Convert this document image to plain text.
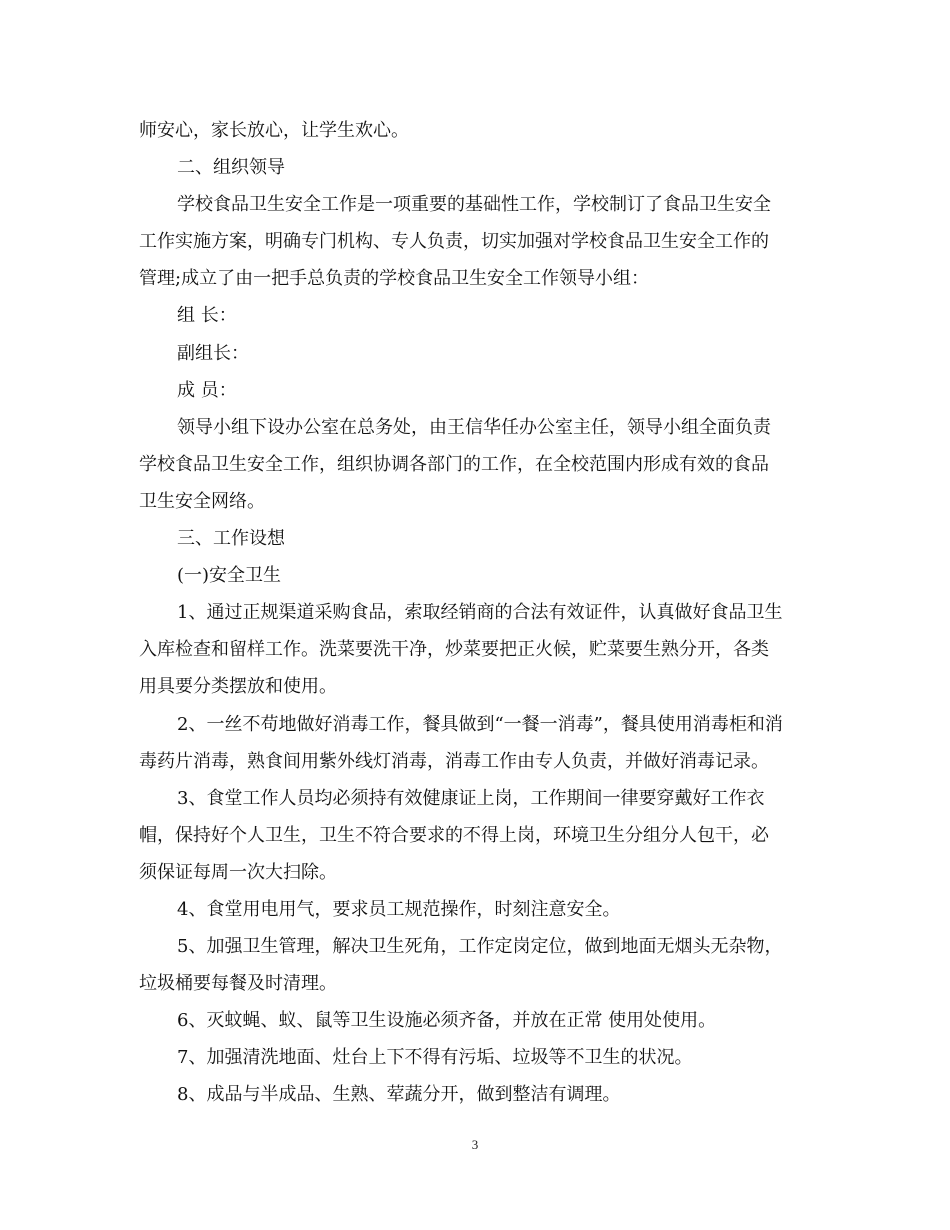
师安心，家长放心，让学生欢心。
二、组织领导
学校食品卫生安全工作是一项重要的基础性工作，学校制订了食品卫生安全
工作实施方案，明确专门机构、专人负责，切实加强对学校食品卫生安全工作的
管理;成立了由一把手总负责的学校食品卫生安全工作领导小组：
组 长：
副组长：
成 员：
领导小组下设办公室在总务处，由王信华任办公室主任，领导小组全面负责
学校食品卫生安全工作，组织协调各部门的工作，在全校范围内形成有效的食品
卫生安全网络。
三、工作设想
(一)安全卫生
1、通过正规渠道采购食品，索取经销商的合法有效证件，认真做好食品卫生
入库检查和留样工作。洗菜要洗干净，炒菜要把正火候，贮菜要生熟分开，各类
用具要分类摆放和使用。
2、一丝不苟地做好消毒工作，餐具做到“一餐一消毒”，餐具使用消毒柜和消
毒药片消毒，熟食间用紫外线灯消毒，消毒工作由专人负责，并做好消毒记录。
3、食堂工作人员均必须持有效健康证上岗，工作期间一律要穿戴好工作衣
帽，保持好个人卫生，卫生不符合要求的不得上岗，环境卫生分组分人包干，必
须保证每周一次大扫除。
4、食堂用电用气，要求员工规范操作，时刻注意安全。
5、加强卫生管理，解决卫生死角，工作定岗定位，做到地面无烟头无杂物，
垃圾桶要每餐及时清理。
6、灭蚊蝇、蚁、鼠等卫生设施必须齐备，并放在正常 使用处使用。
7、加强清洗地面、灶台上下不得有污垢、垃圾等不卫生的状况。
8、成品与半成品、生熟、荤蔬分开，做到整洁有调理。
3
